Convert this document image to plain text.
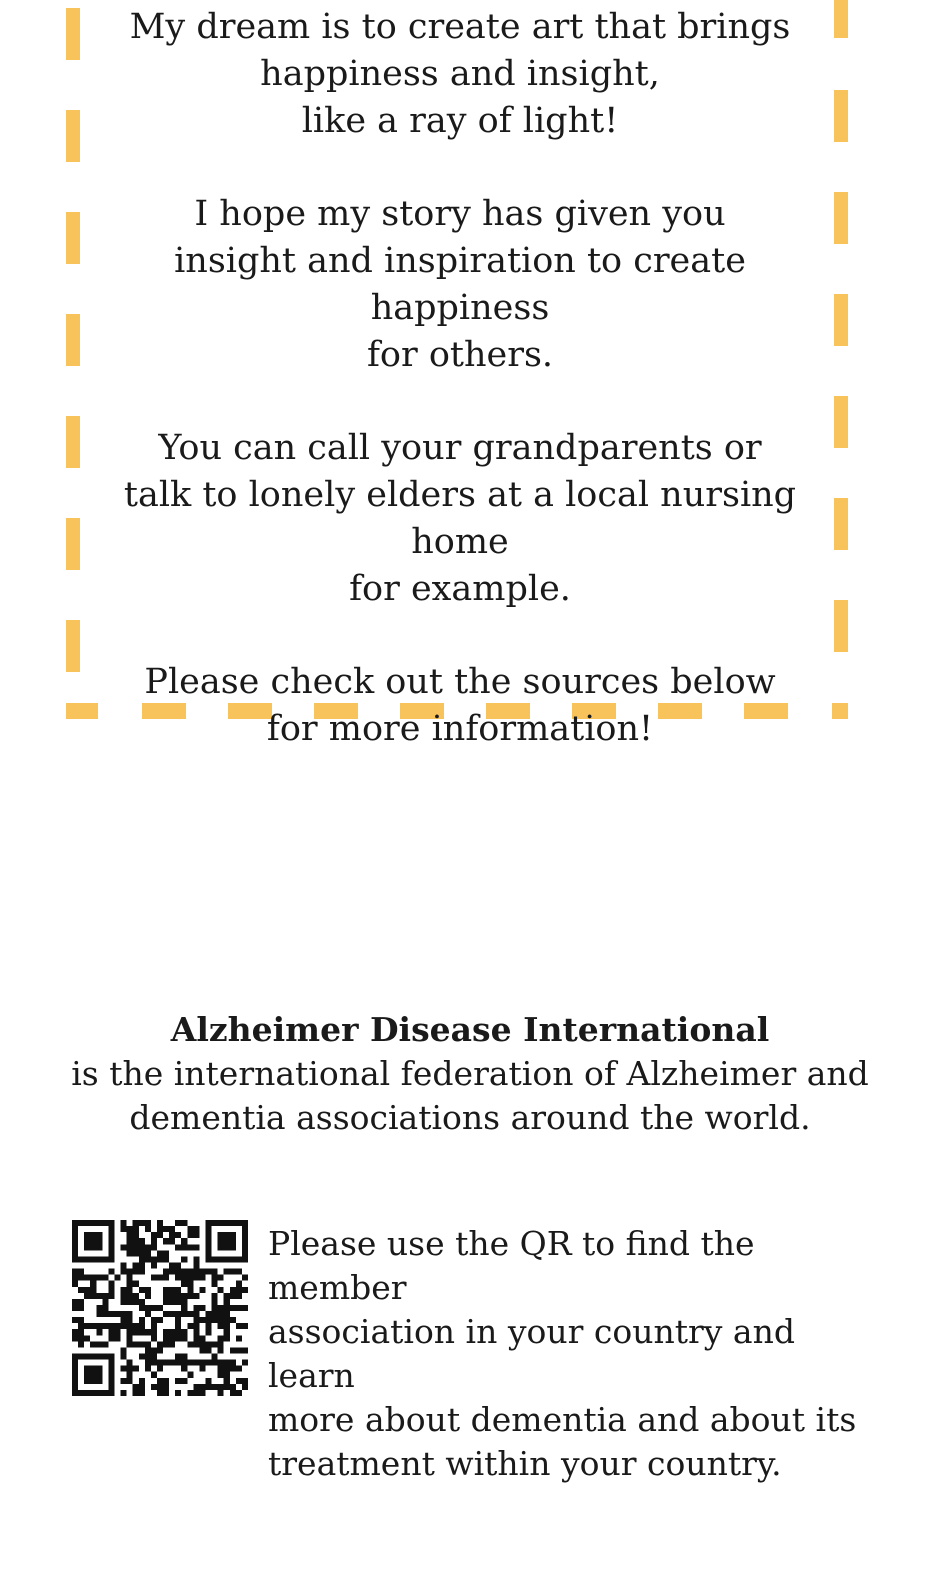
My dream is to create art that brings
happiness and insight,
like a ray of light!

I hope my story has given you
insight and inspiration to create happiness
for others.

You can call your grandparents or
talk to lonely elders at a local nursing home
for example.

Please check out the sources below
for more information!

Alzheimer Disease International
is the international federation of Alzheimer and
dementia associations around the world.
Please use the QR to find the member
association in your country and learn
more about dementia and about its
treatment within your country.
